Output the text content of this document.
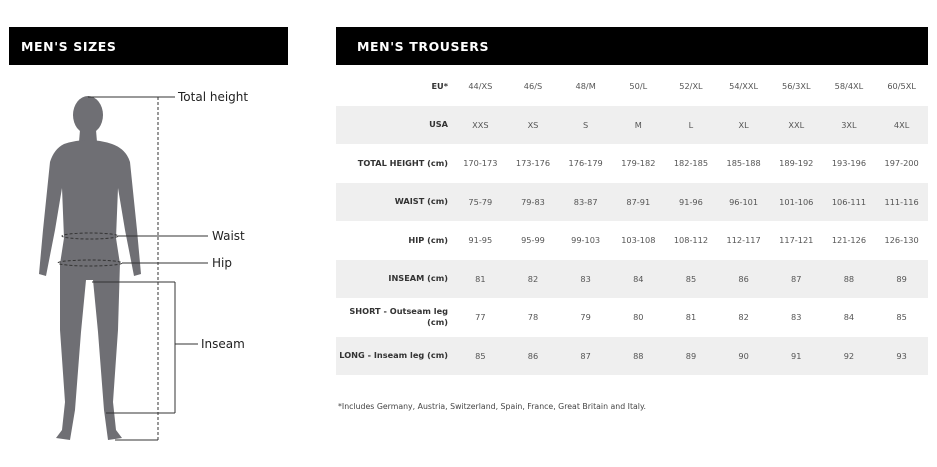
MEN'S SIZES
Total height
Waist
Hip
Inseam
MEN'S TROUSERS
EU*	44/XS	46/S	48/M	50/L	52/XL	54/XXL	56/3XL	58/4XL	60/5XL
USA	XXS	XS	S	M	L	XL	XXL	3XL	4XL
TOTAL HEIGHT (cm)	170-173	173-176	176-179	179-182	182-185	185-188	189-192	193-196	197-200
WAIST (cm)	75-79	79-83	83-87	87-91	91-96	96-101	101-106	106-111	111-116
HIP (cm)	91-95	95-99	99-103	103-108	108-112	112-117	117-121	121-126	126-130
INSEAM (cm)	81	82	83	84	85	86	87	88	89
SHORT - Outseam leg (cm)	77	78	79	80	81	82	83	84	85
LONG - Inseam leg (cm)	85	86	87	88	89	90	91	92	93
*Includes Germany, Austria, Switzerland, Spain, France, Great Britain and Italy.
